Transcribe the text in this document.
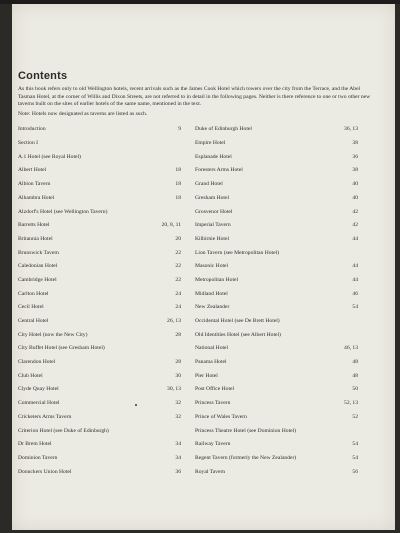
Contents

As this book refers only to old Wellington hotels, recent arrivals such as the James Cook Hotel which towers over the city from the Terrace, and the Abel Tasman Hotel, at the corner of Willis and Dixon Streets, are not referred to in detail in the following pages. Neither is there reference to one or two other new taverns built on the sites of earlier hotels of the same name, mentioned in the text.

Note: Hotels now designated as taverns are listed as such.

Introduction	9
Section I
A.1 Hotel (see Royal Hotel)
Albert Hotel	18
Albion Tavern	18
Alhambra Hotel	18
Alzdorf's Hotel (see Wellington Tavern)
Barretts Hotel	20, 8, 11
Britannia Hotel	20
Brunswick Tavern	22
Caledonian Hotel	22
Cambridge Hotel	22
Carlton Hotel	24
Cecil Hotel	24
Central Hotel	26, 13
City Hotel (now the New City)	28
City Buffet Hotel (see Gresham Hotel)
Clarendon Hotel	28
Club Hotel	30
Clyde Quay Hotel	30, 13
Commercial Hotel	32
Cricketers Arms Tavern	32
Criterion Hotel (see Duke of Edinburgh)
Dr Brem Hotel	34
Dominion Tavern	34
Donnckers Union Hotel	36
Duke of Edinburgh Hotel	36, 13
Empire Hotel	38
Esplanade Hotel	36
Foresters Arms Hotel	38
Grand Hotel	40
Gresham Hotel	40
Grosvenor Hotel	42
Imperial Tavern	42
Kilbirnie Hotel	44
Lion Tavern (see Metropolitan Hotel)
Masonic Hotel	44
Metropolitan Hotel	44
Midland Hotel	46
New Zealander	54
Occidental Hotel (see De Brett Hotel)
Old Identities Hotel (see Albert Hotel)
National Hotel	46, 13
Panama Hotel	48
Pier Hotel	48
Post Office Hotel	50
Princess Tavern	52, 13
Prince of Wales Tavern	52
Princess Theatre Hotel (see Dominion Hotel)
Railway Tavern	54
Regent Tavern (formerly the New Zealander)	54
Royal Tavern	56
